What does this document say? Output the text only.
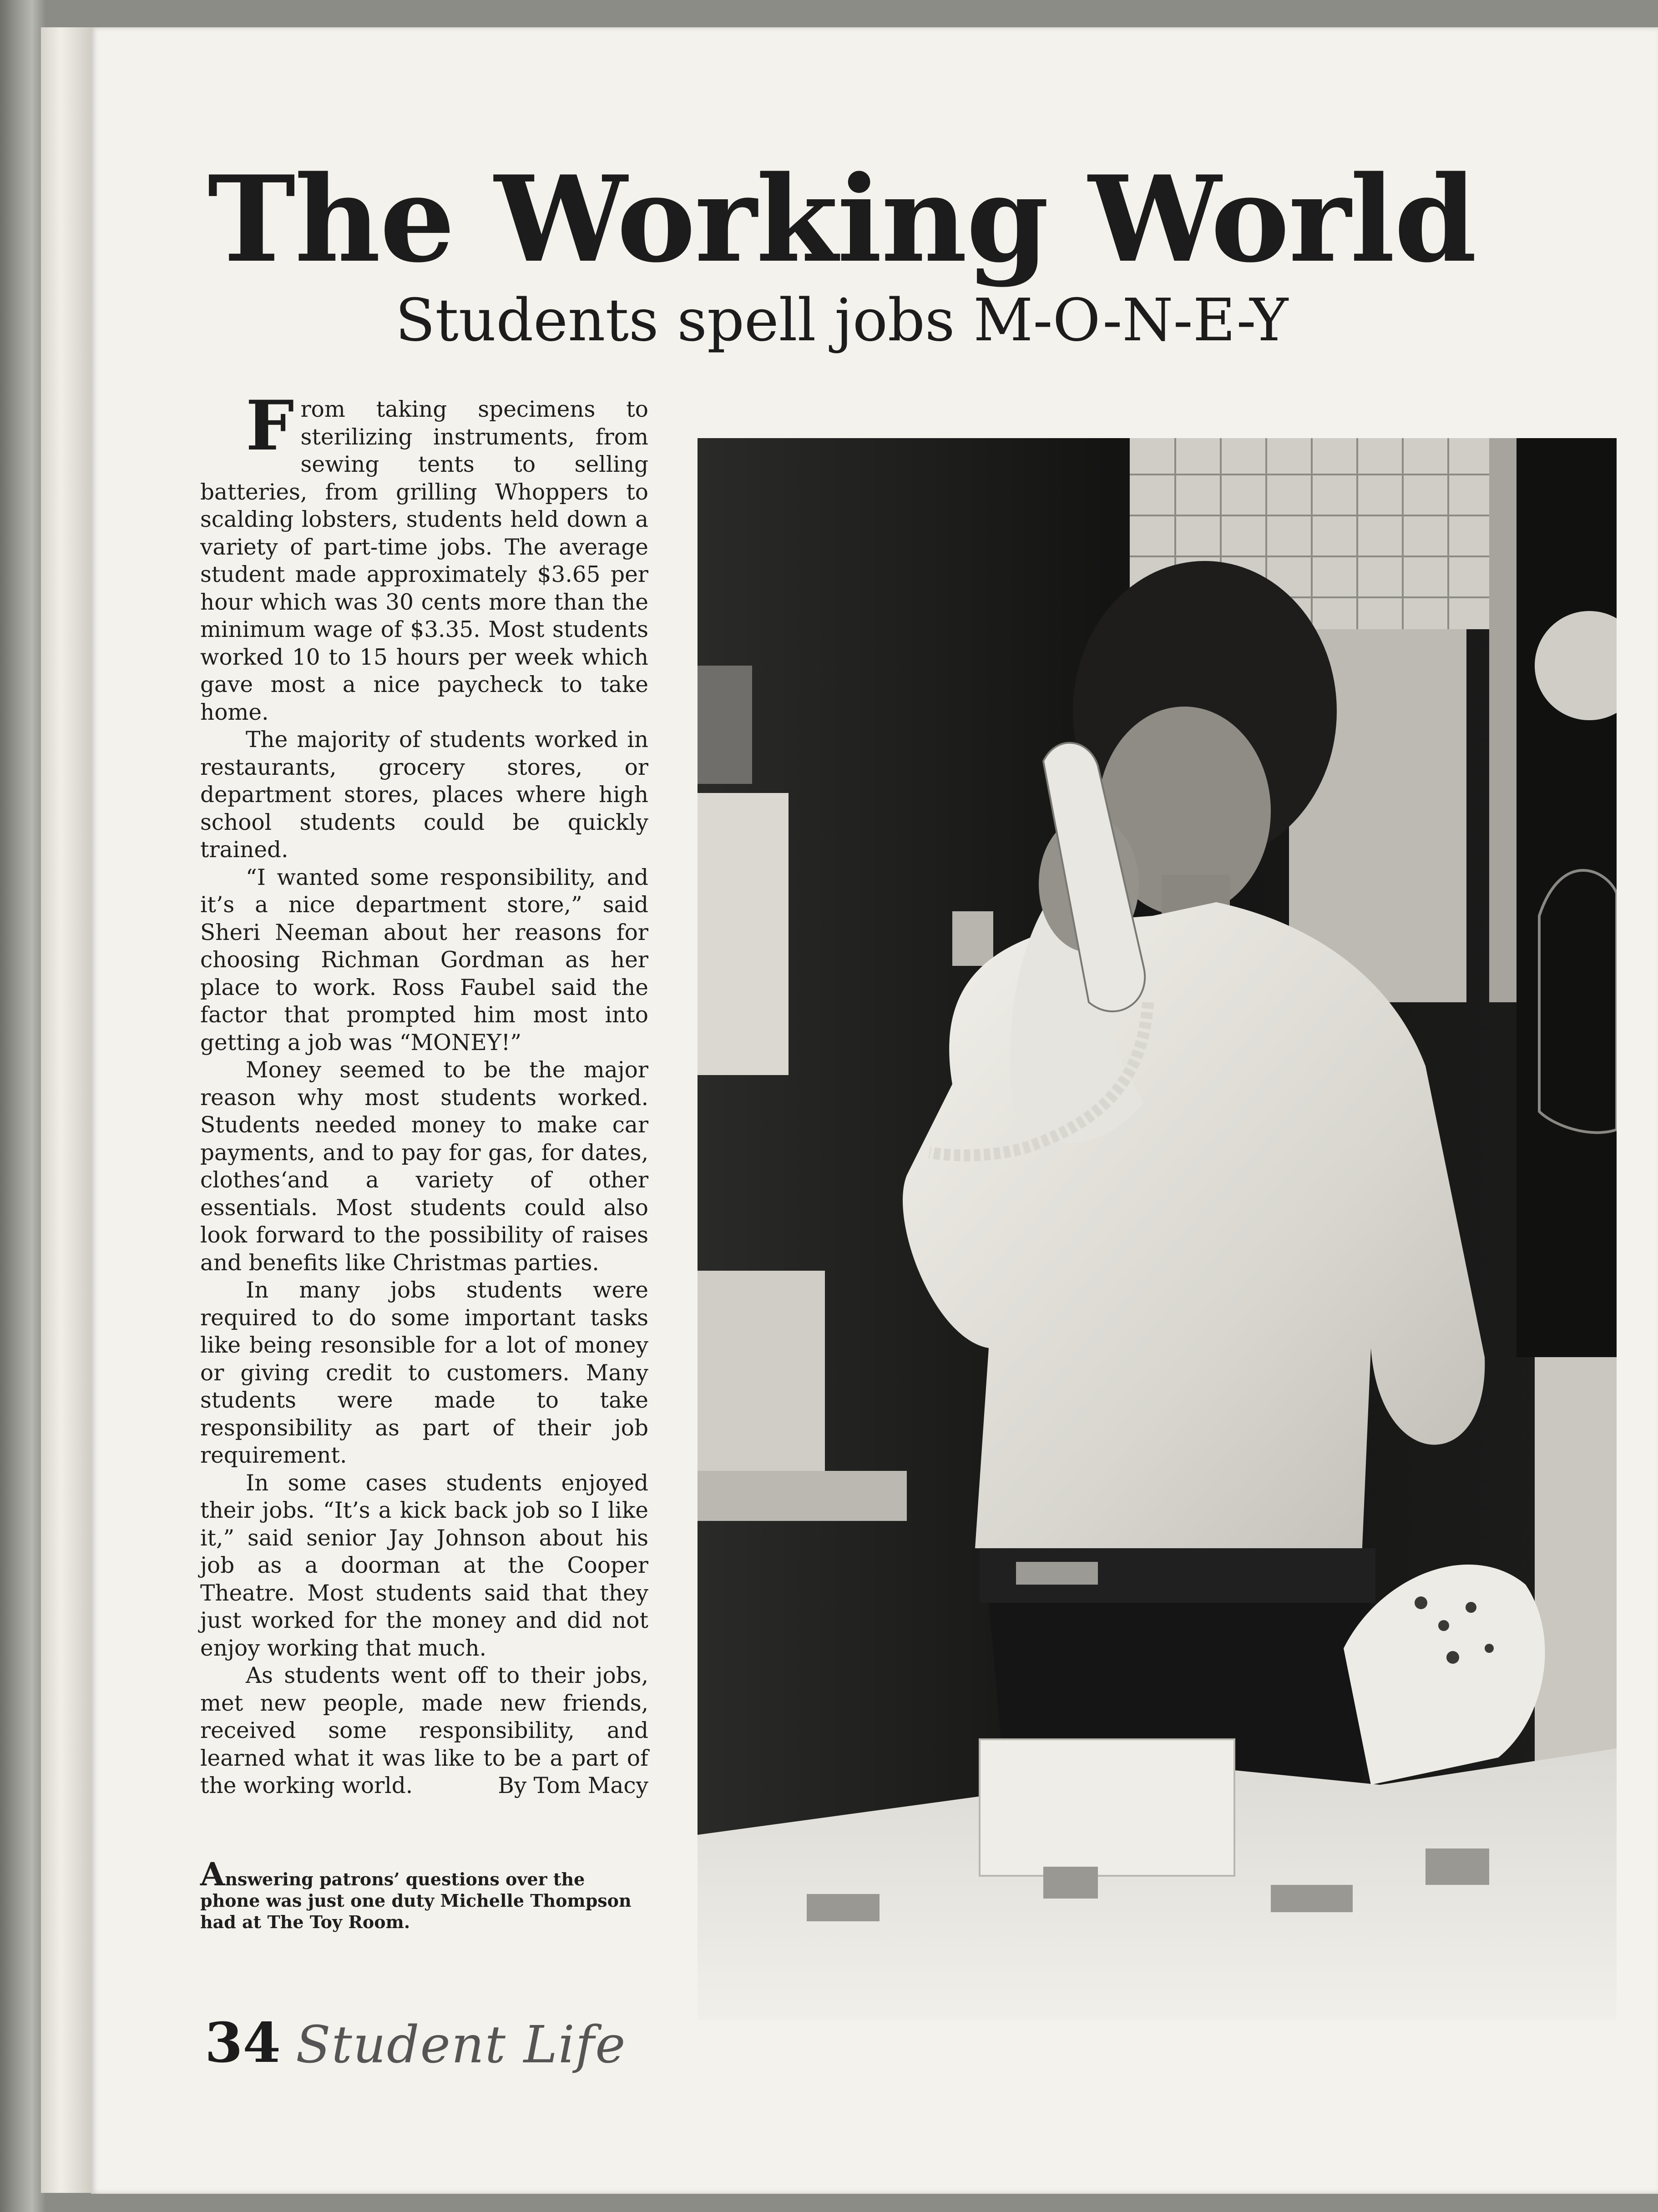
The Working World
Students spell jobs M-O-N-E-Y

F rom taking specimens to sterilizing instruments, from sewing tents to selling batteries, from grilling Whoppers to scalding lobsters, students held down a variety of part-time jobs. The average student made approximately $3.65 per hour which was 30 cents more than the minimum wage of $3.35. Most students worked 10 to 15 hours per week which gave most a nice paycheck to take home.

The majority of students worked in restaurants, grocery stores, or department stores, places where high school students could be quickly trained.

“I wanted some responsibility, and it’s a nice department store,” said Sheri Neeman about her reasons for choosing Richman Gordman as her place to work. Ross Faubel said the factor that prompted him most into getting a job was “MONEY!”

Money seemed to be the major reason why most students worked. Students needed money to make car payments, and to pay for gas, for dates, clothes‘and a variety of other essentials. Most students could also look forward to the possibility of raises and benefits like Christmas parties.

In many jobs students were required to do some important tasks like being resonsible for a lot of money or giving credit to customers. Many students were made to take responsibility as part of their job requirement.

In some cases students enjoyed their jobs. “It’s a kick back job so I like it,” said senior Jay Johnson about his job as a doorman at the Cooper Theatre. Most students said that they just worked for the money and did not enjoy working that much.

As students went off to their jobs, met new people, made new friends, received some responsibility, and learned what it was like to be a part of the working world.	By Tom Macy

Answering patrons’ questions over the phone was just one duty Michelle Thompson had at The Toy Room.
34 Student Life
